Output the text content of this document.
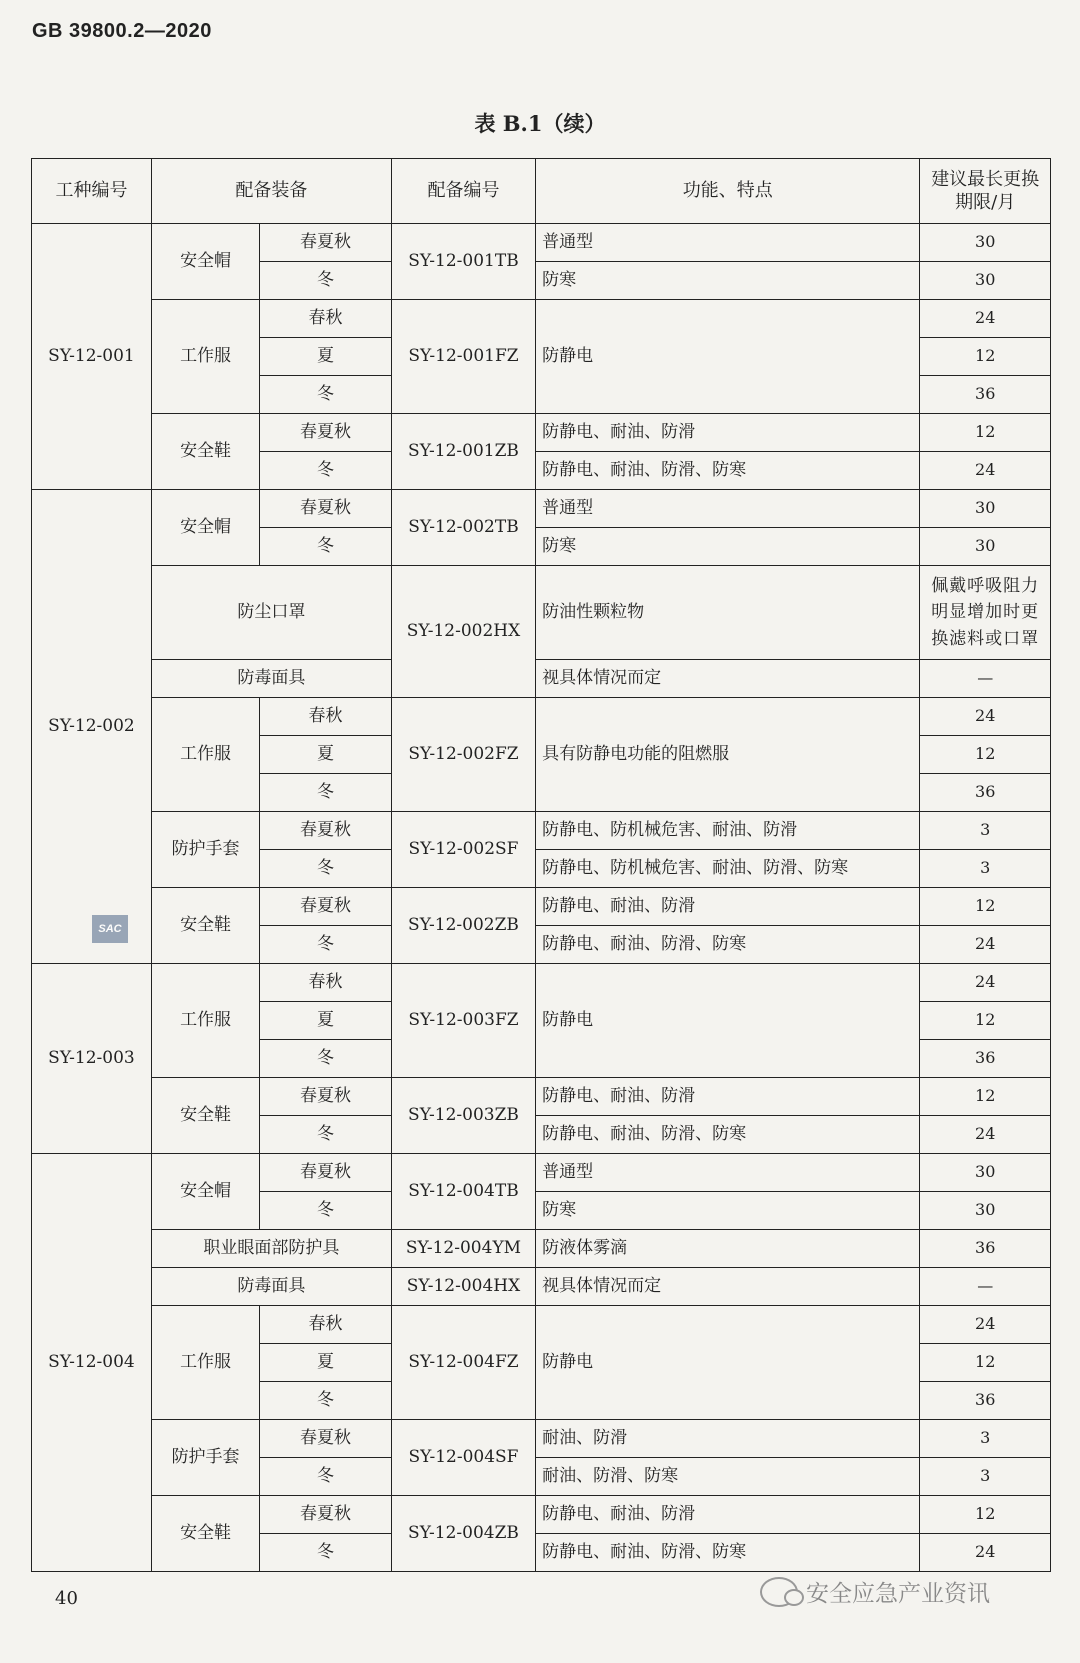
GB 39800.2—2020
表 B.1（续）
工种编号	配备装备		配备编号	功能、特点	建议最长更换期限/月
SY-12-001	安全帽	春夏秋	SY-12-001TB	普通型	30
		冬		防寒	30
	工作服	春秋	SY-12-001FZ	防静电	24
		夏			12
		冬			36
	安全鞋	春夏秋	SY-12-001ZB	防静电、耐油、防滑	12
		冬		防静电、耐油、防滑、防寒	24
SY-12-002	安全帽	春夏秋	SY-12-002TB	普通型	30
		冬		防寒	30
	防尘口罩		SY-12-002HX	防油性颗粒物	佩戴呼吸阻力明显增加时更换滤料或口罩
	防毒面具			视具体情况而定	—
	工作服	春秋	SY-12-002FZ	具有防静电功能的阻燃服	24
		夏			12
		冬			36
	防护手套	春夏秋	SY-12-002SF	防静电、防机械危害、耐油、防滑	3
		冬		防静电、防机械危害、耐油、防滑、防寒	3
	安全鞋	春夏秋	SY-12-002ZB	防静电、耐油、防滑	12
		冬		防静电、耐油、防滑、防寒	24
SY-12-003	工作服	春秋	SY-12-003FZ	防静电	24
		夏			12
		冬			36
	安全鞋	春夏秋	SY-12-003ZB	防静电、耐油、防滑	12
		冬		防静电、耐油、防滑、防寒	24
SY-12-004	安全帽	春夏秋	SY-12-004TB	普通型	30
		冬		防寒	30
	职业眼面部防护具		SY-12-004YM	防液体雾滴	36
	防毒面具		SY-12-004HX	视具体情况而定	—
	工作服	春秋	SY-12-004FZ	防静电	24
		夏			12
		冬			36
	防护手套	春夏秋	SY-12-004SF	耐油、防滑	3
		冬		耐油、防滑、防寒	3
	安全鞋	春夏秋	SY-12-004ZB	防静电、耐油、防滑	12
		冬		防静电、耐油、防滑、防寒	24
SAC
40	安全应急产业资讯
